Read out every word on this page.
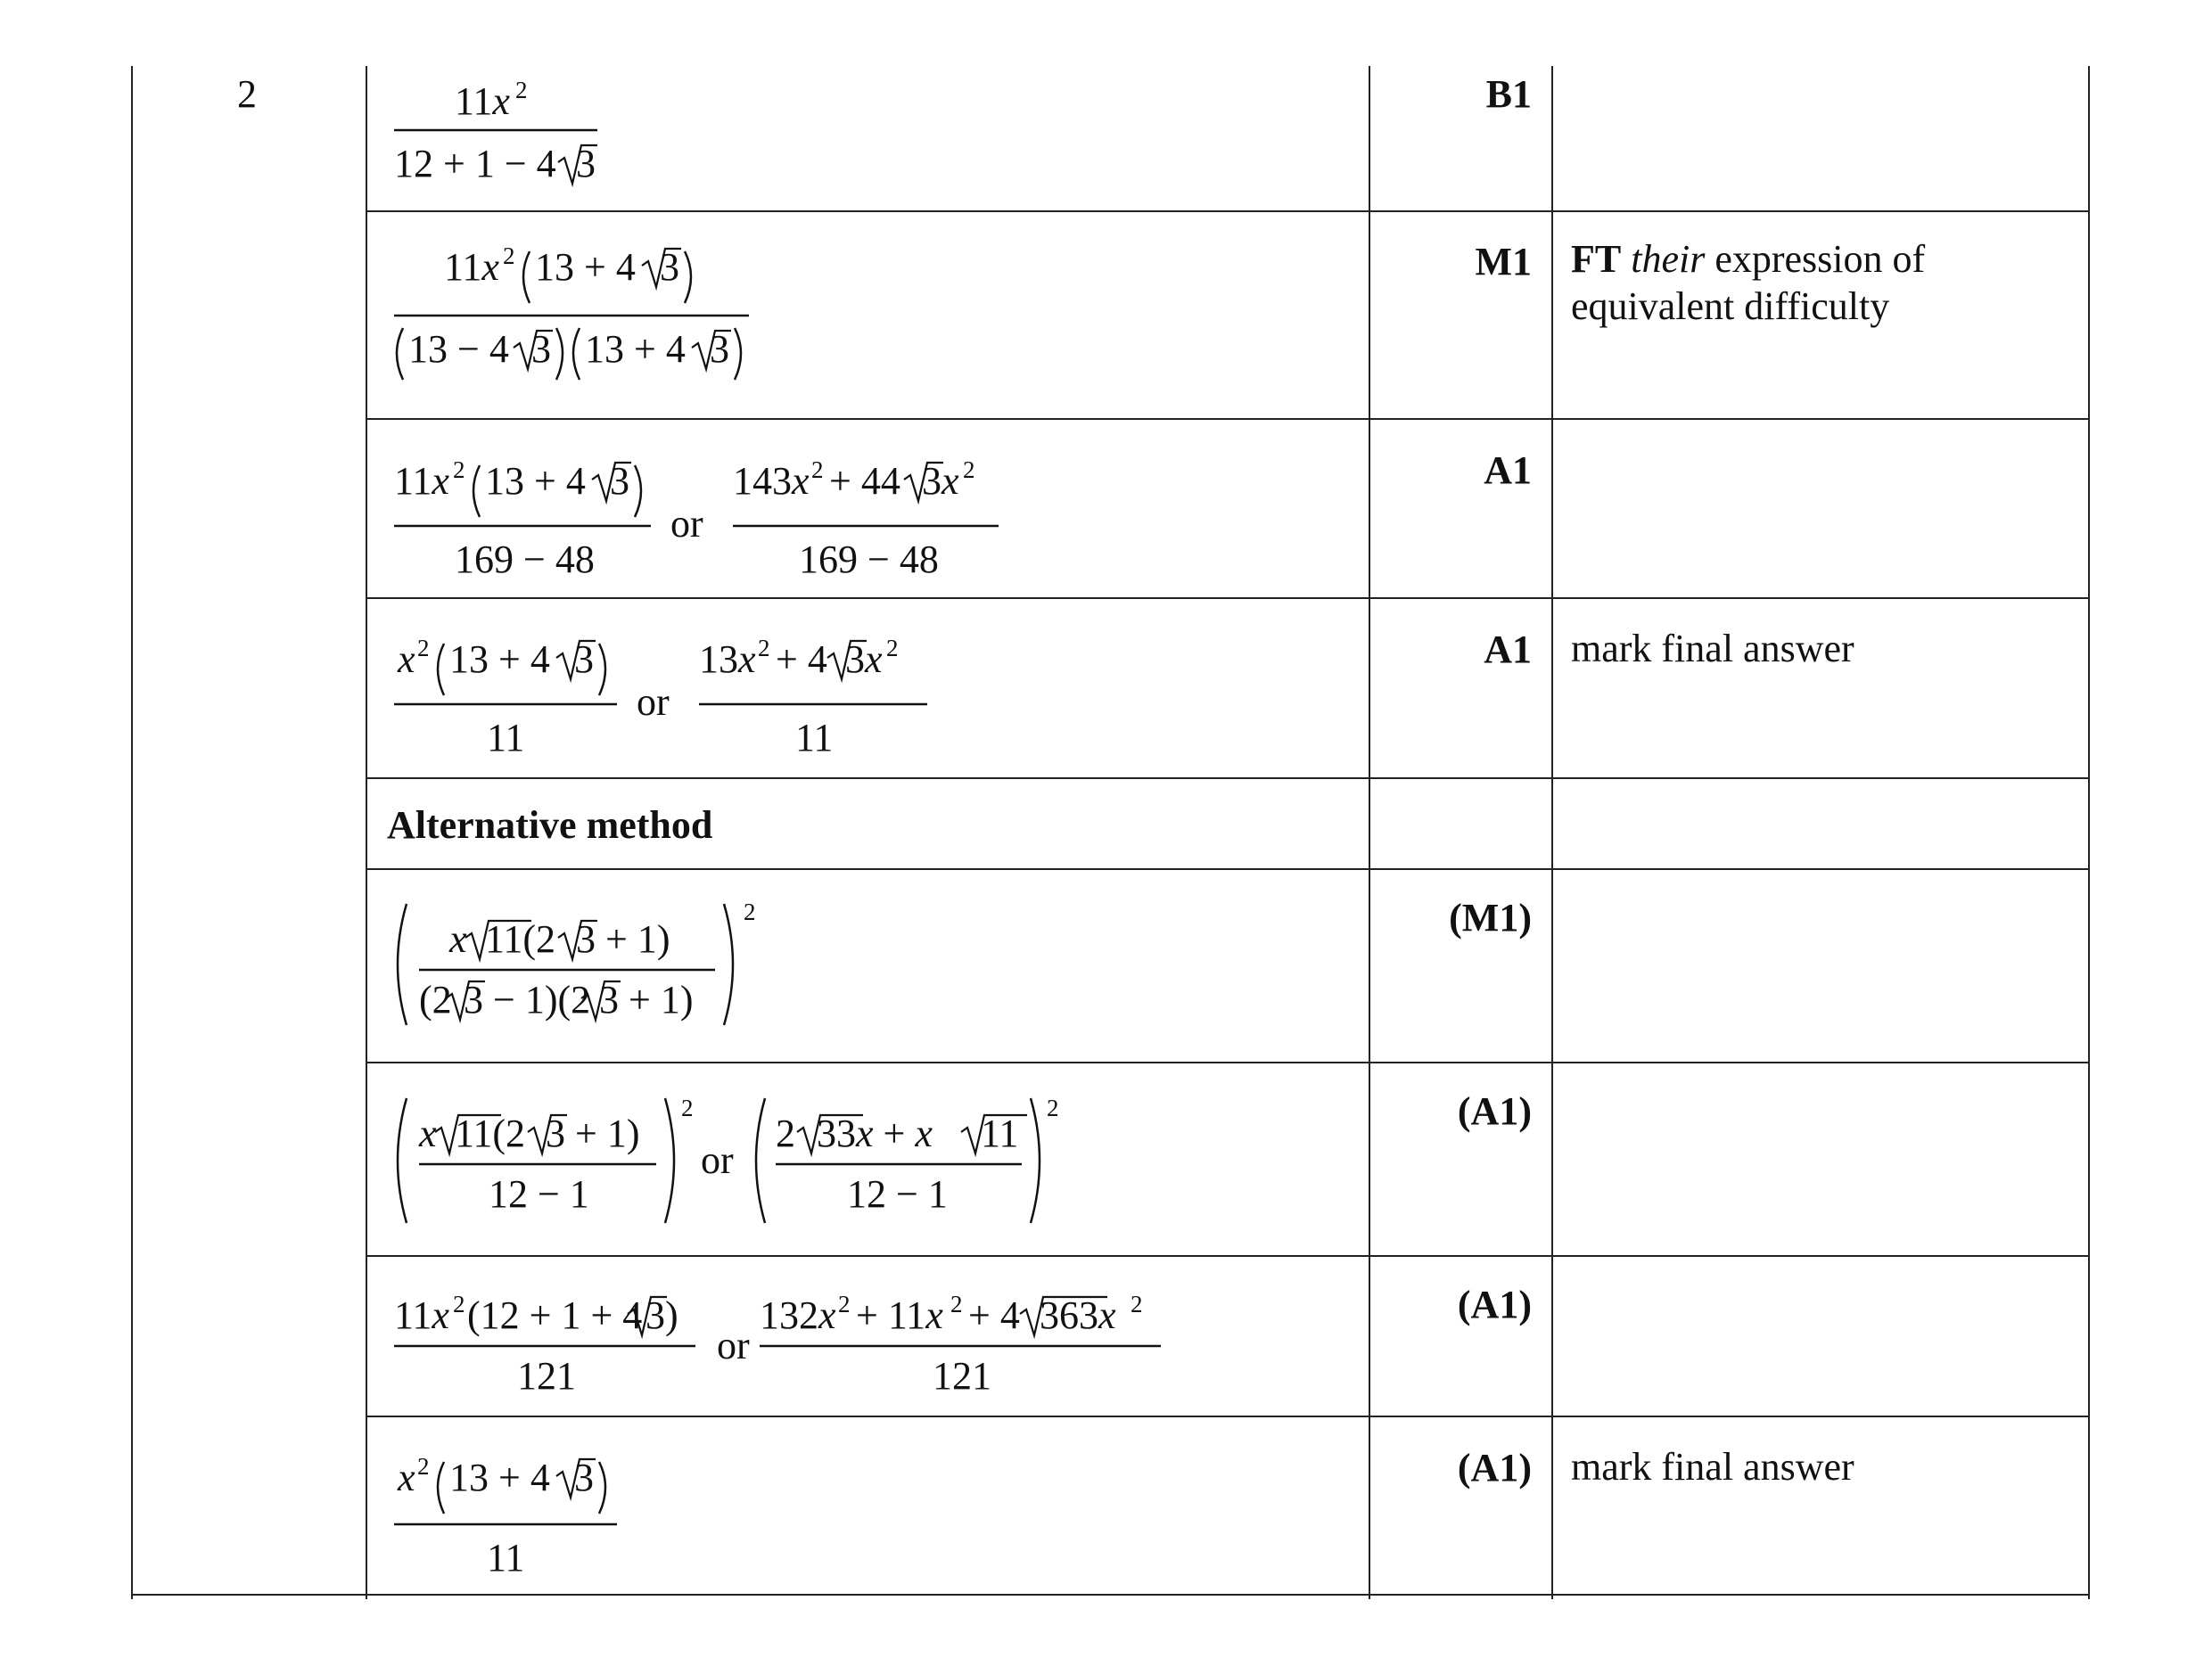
2	B1
M1
A1
A1
(M1)
(A1)
(A1)
(A1)
FT their expression of equivalent difficulty
mark final answer
mark final answer
Alternative method
11x 2
12 + 1 − 4 3
11x 2 13 + 4 3
13 − 4 3 13 + 4 3
11x 2 13 + 4 3
169 − 48
or
143x 2 + 44 3x 2
169 − 48
x 2 13 + 4 3
11
or
13x 2 + 4 3x 2
11
x 11(2 3 + 1)
(2 3 − 1)(2 3 + 1)
2
x 11(2 3 + 1)
12 − 1
2
or
2 33x + x 11
12 − 1
2
11x 2 (12 + 1 + 4 3)
121
or
132x 2 + 11x 2 + 4 363x 2
121
x 2 13 + 4 3
11
